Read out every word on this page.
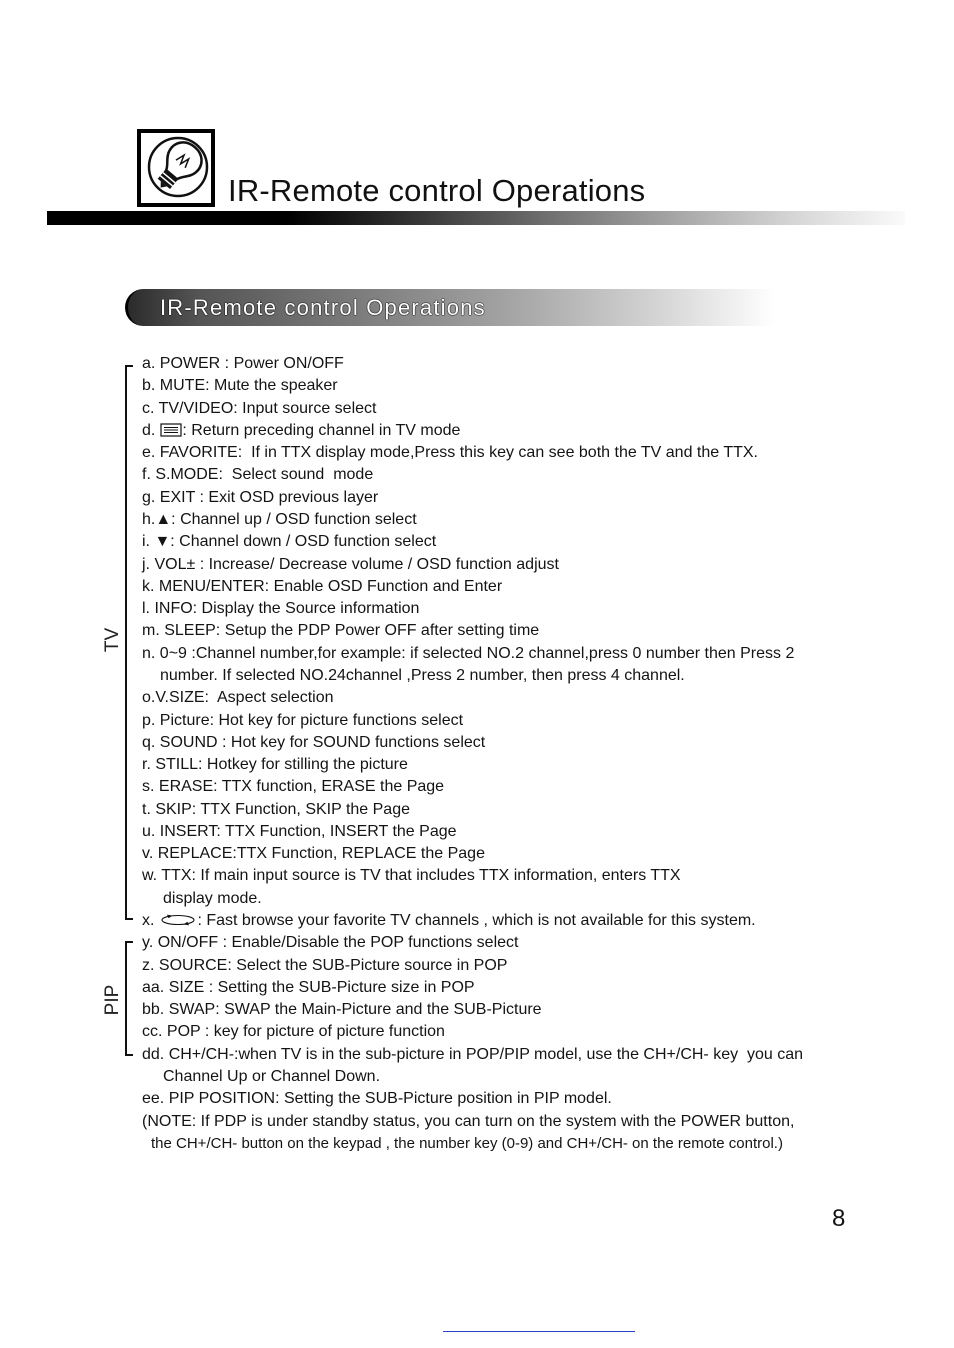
IR-Remote control Operations
IR-Remote control Operations
TV
PIP
a. POWER : Power ON/OFF
b. MUTE: Mute the speaker
c. TV/VIDEO: Input source select
d. : Return preceding channel in TV mode
e. FAVORITE:  If in TTX display mode,Press this key can see both the TV and the TTX.
f. S.MODE:  Select sound  mode
g. EXIT : Exit OSD previous layer
h.▲: Channel up / OSD function select
i. ▼: Channel down / OSD function select
j. VOL± : Increase/ Decrease volume / OSD function adjust
k. MENU/ENTER: Enable OSD Function and Enter
l. INFO: Display the Source information
m. SLEEP: Setup the PDP Power OFF after setting time
n. 0~9 :Channel number,for example: if selected NO.2 channel,press 0 number then Press 2
number. If selected NO.24channel ,Press 2 number, then press 4 channel.
o.V.SIZE:  Aspect selection
p. Picture: Hot key for picture functions select
q. SOUND : Hot key for SOUND functions select
r. STILL: Hotkey for stilling the picture
s. ERASE: TTX function, ERASE the Page
t. SKIP: TTX Function, SKIP the Page
u. INSERT: TTX Function, INSERT the Page
v. REPLACE:TTX Function, REPLACE the Page
w. TTX: If main input source is TV that includes TTX information, enters TTX
display mode.
x.	: Fast browse your favorite TV channels , which is not available for this system.
y. ON/OFF : Enable/Disable the POP functions select
z. SOURCE: Select the SUB-Picture source in POP
aa. SIZE : Setting the SUB-Picture size in POP
bb. SWAP: SWAP the Main-Picture and the SUB-Picture
cc. POP : key for picture of picture function
dd. CH+/CH-:when TV is in the sub-picture in POP/PIP model, use the CH+/CH- key  you can
Channel Up or Channel Down.
ee. PIP POSITION: Setting the SUB-Picture position in PIP model.
(NOTE: If PDP is under standby status, you can turn on the system with the POWER button,
the CH+/CH- button on the keypad , the number key (0-9) and CH+/CH- on the remote control.)
8
